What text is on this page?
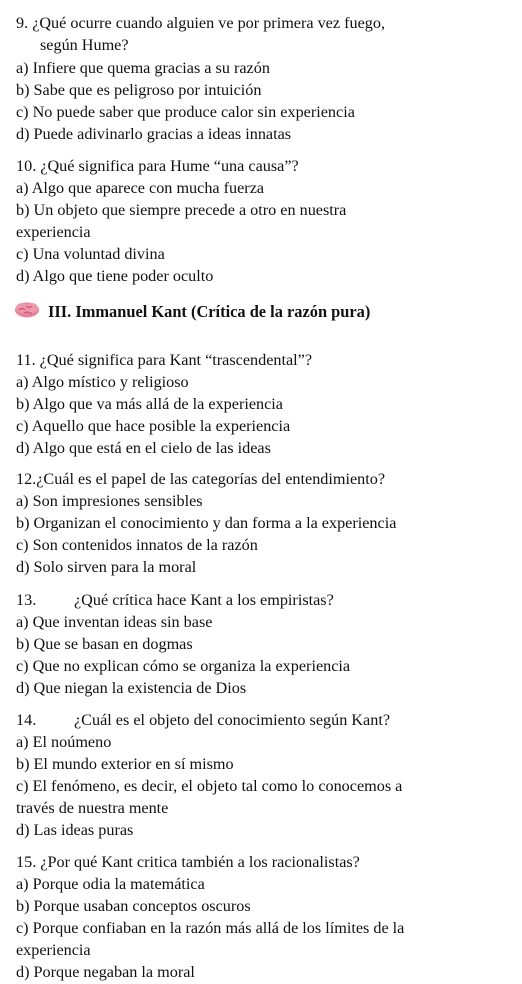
9. ¿Qué ocurre cuando alguien ve por primera vez fuego,
según Hume?
a) Infiere que quema gracias a su razón
b) Sabe que es peligroso por intuición
c) No puede saber que produce calor sin experiencia
d) Puede adivinarlo gracias a ideas innatas
10. ¿Qué significa para Hume “una causa”?
a) Algo que aparece con mucha fuerza
b) Un objeto que siempre precede a otro en nuestra
experiencia
c) Una voluntad divina
d) Algo que tiene poder oculto
III. Immanuel Kant (Crítica de la razón pura)
11. ¿Qué significa para Kant “trascendental”?
a) Algo místico y religioso
b) Algo que va más allá de la experiencia
c) Aquello que hace posible la experiencia
d) Algo que está en el cielo de las ideas
12.¿Cuál es el papel de las categorías del entendimiento?
a) Son impresiones sensibles
b) Organizan el conocimiento y dan forma a la experiencia
c) Son contenidos innatos de la razón
d) Solo sirven para la moral
13. ¿Qué crítica hace Kant a los empiristas?
a) Que inventan ideas sin base
b) Que se basan en dogmas
c) Que no explican cómo se organiza la experiencia
d) Que niegan la existencia de Dios
14. ¿Cuál es el objeto del conocimiento según Kant?
a) El noúmeno
b) El mundo exterior en sí mismo
c) El fenómeno, es decir, el objeto tal como lo conocemos a
través de nuestra mente
d) Las ideas puras
15. ¿Por qué Kant critica también a los racionalistas?
a) Porque odia la matemática
b) Porque usaban conceptos oscuros
c) Porque confiaban en la razón más allá de los límites de la
experiencia
d) Porque negaban la moral
